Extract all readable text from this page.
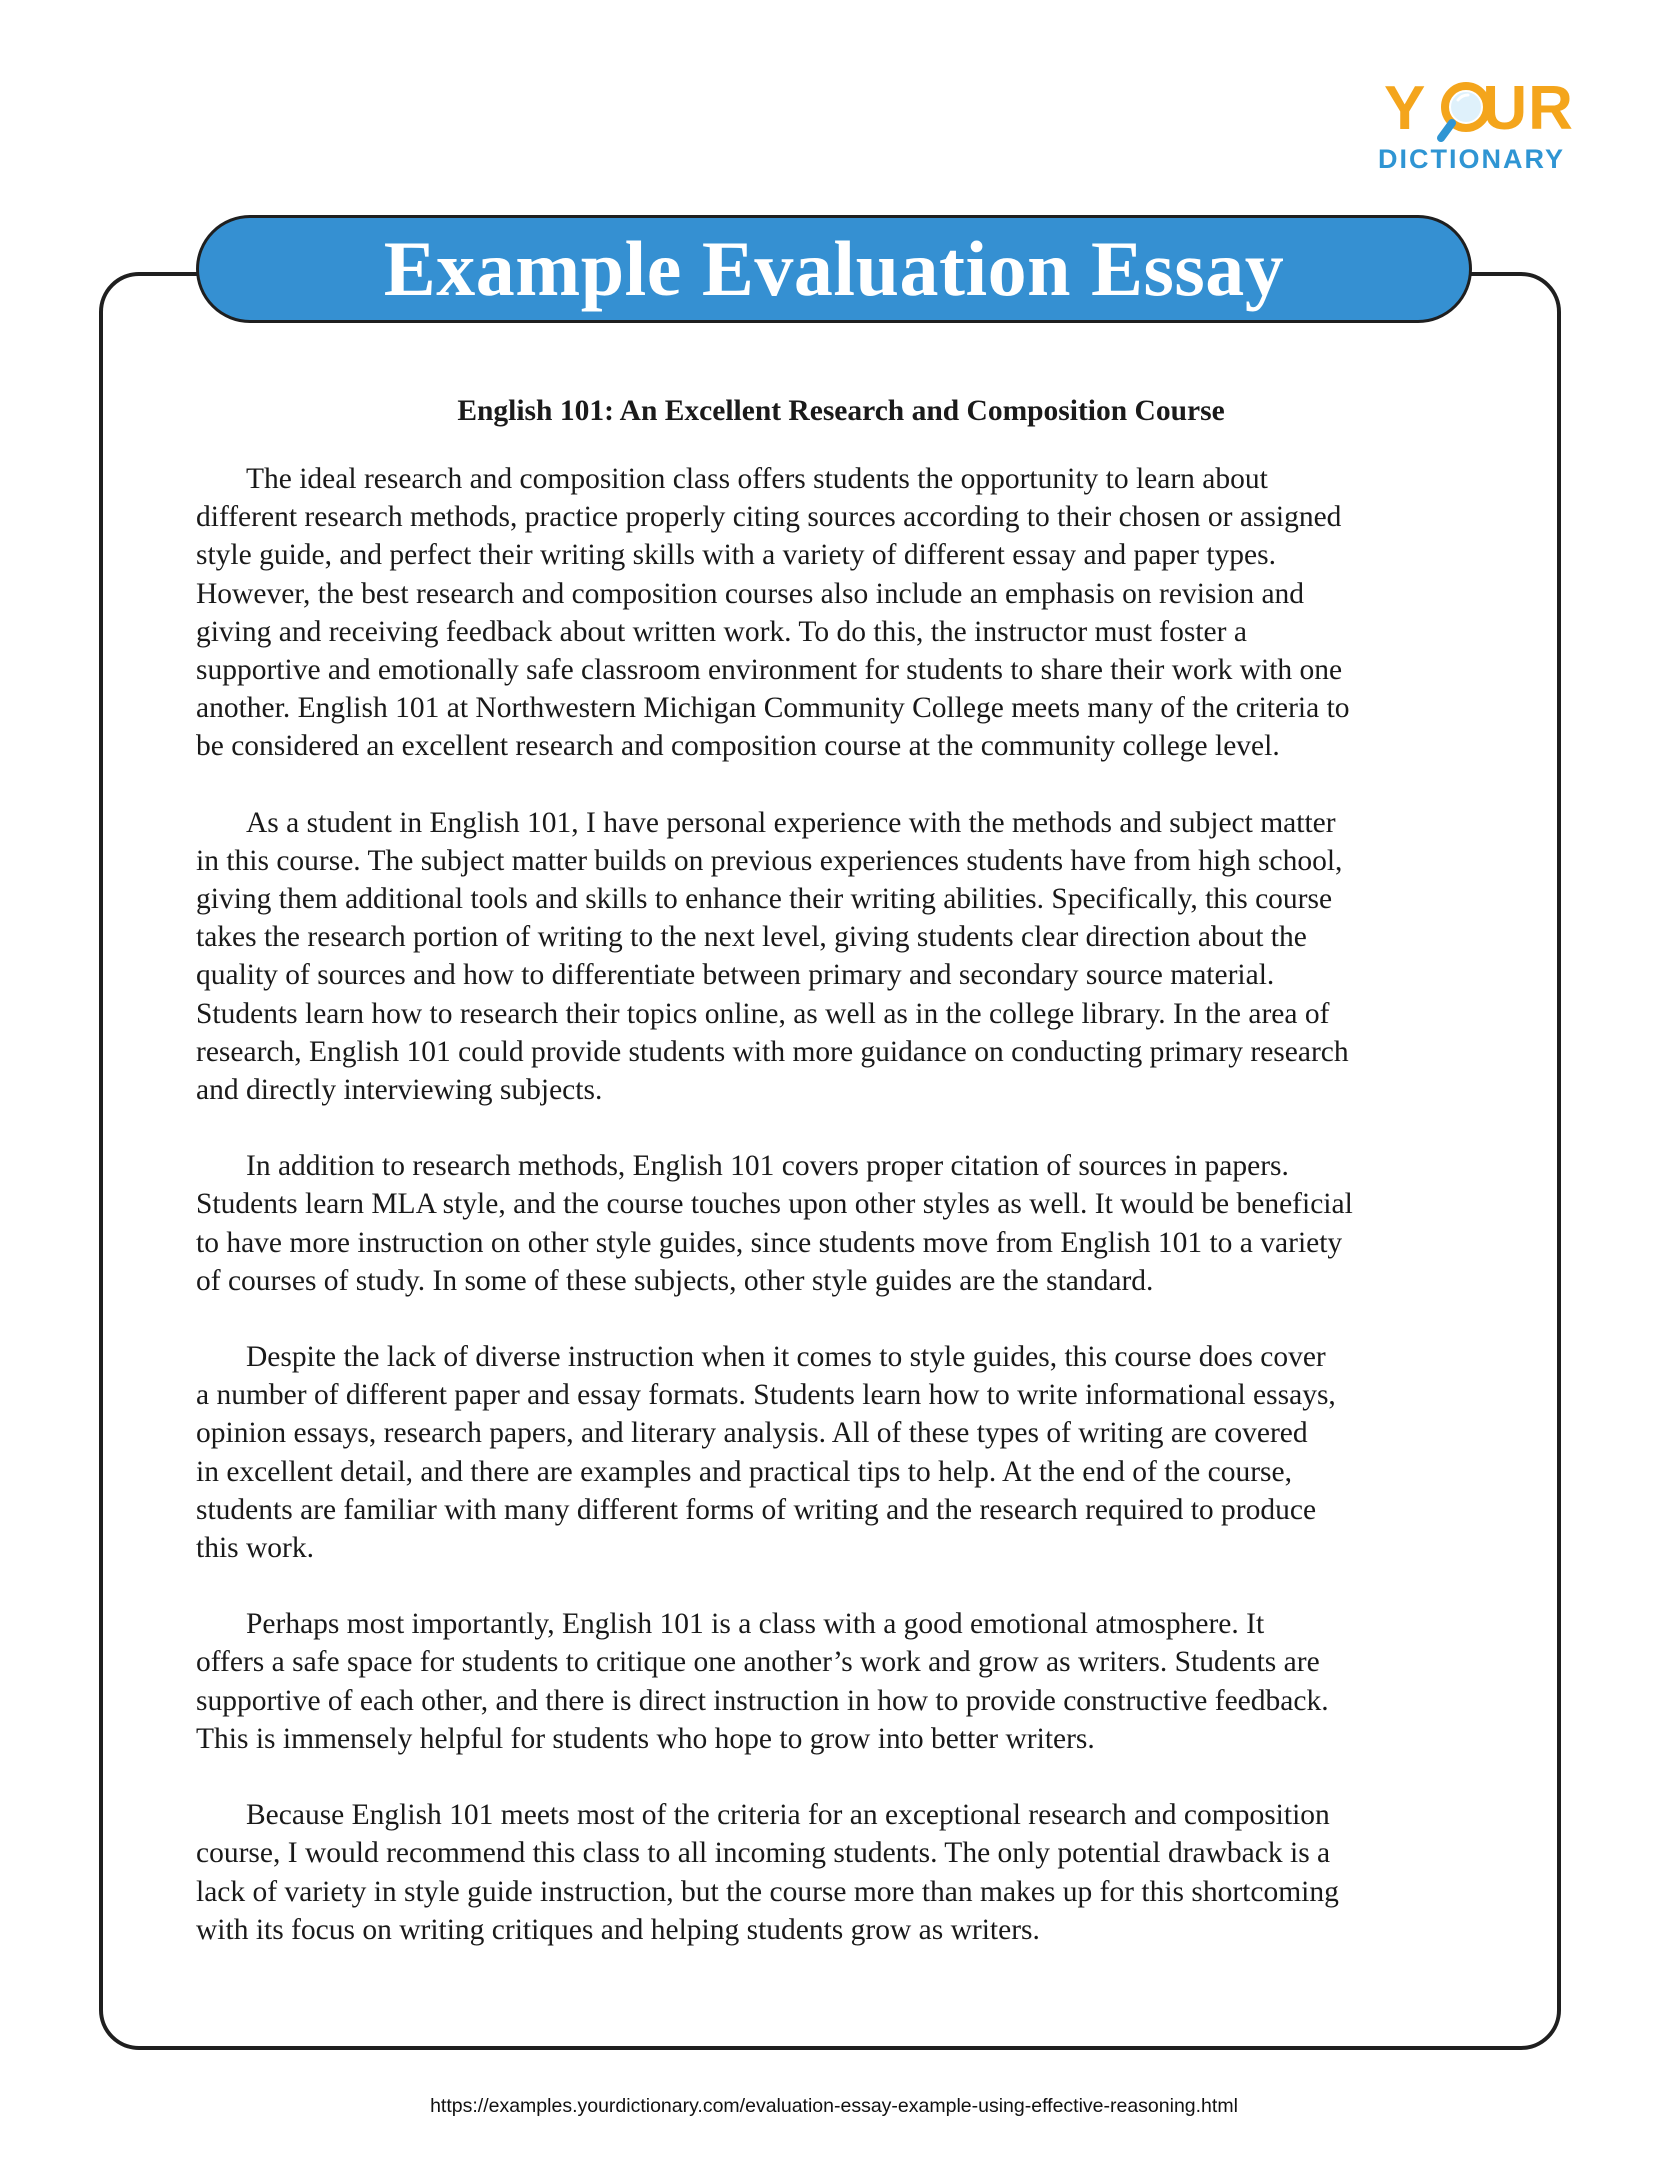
Y UR
DICTIONARY
Example Evaluation Essay
English 101: An Excellent Research and Composition Course
The ideal research and composition class offers students the opportunity to learn about
different research methods, practice properly citing sources according to their chosen or assigned
style guide, and perfect their writing skills with a variety of different essay and paper types.
However, the best research and composition courses also include an emphasis on revision and
giving and receiving feedback about written work. To do this, the instructor must foster a
supportive and emotionally safe classroom environment for students to share their work with one
another. English 101 at Northwestern Michigan Community College meets many of the criteria to
be considered an excellent research and composition course at the community college level.
As a student in English 101, I have personal experience with the methods and subject matter
in this course. The subject matter builds on previous experiences students have from high school,
giving them additional tools and skills to enhance their writing abilities. Specifically, this course
takes the research portion of writing to the next level, giving students clear direction about the
quality of sources and how to differentiate between primary and secondary source material.
Students learn how to research their topics online, as well as in the college library. In the area of
research, English 101 could provide students with more guidance on conducting primary research
and directly interviewing subjects.
In addition to research methods, English 101 covers proper citation of sources in papers.
Students learn MLA style, and the course touches upon other styles as well. It would be beneficial
to have more instruction on other style guides, since students move from English 101 to a variety
of courses of study. In some of these subjects, other style guides are the standard.
Despite the lack of diverse instruction when it comes to style guides, this course does cover
a number of different paper and essay formats. Students learn how to write informational essays,
opinion essays, research papers, and literary analysis. All of these types of writing are covered
in excellent detail, and there are examples and practical tips to help. At the end of the course,
students are familiar with many different forms of writing and the research required to produce
this work.
Perhaps most importantly, English 101 is a class with a good emotional atmosphere. It
offers a safe space for students to critique one another’s work and grow as writers. Students are
supportive of each other, and there is direct instruction in how to provide constructive feedback.
This is immensely helpful for students who hope to grow into better writers.
Because English 101 meets most of the criteria for an exceptional research and composition
course, I would recommend this class to all incoming students. The only potential drawback is a
lack of variety in style guide instruction, but the course more than makes up for this shortcoming
with its focus on writing critiques and helping students grow as writers.
https://examples.yourdictionary.com/evaluation-essay-example-using-effective-reasoning.html
